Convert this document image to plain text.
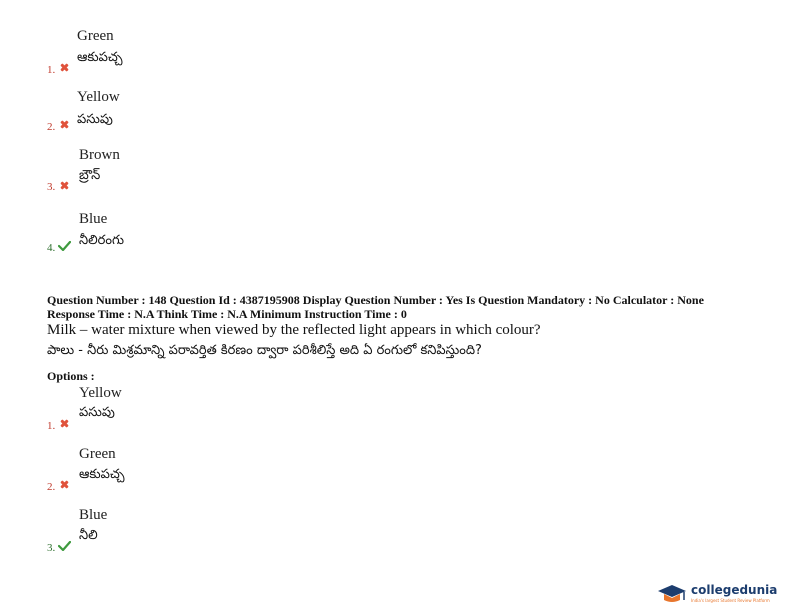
Green
ఆకుపచ్చ
1.
Yellow
పసుపు
2.
Brown
బ్రౌన్
3.
Blue
నీలిరంగు
4.
Question Number : 148 Question Id : 4387195908 Display Question Number : Yes Is Question Mandatory : No Calculator : None
Response Time : N.A Think Time : N.A Minimum Instruction Time : 0
Milk – water mixture when viewed by the reflected light appears in which colour?
పాలు - నీరు మిశ్రమాన్ని పరావర్తిత కిరణం ద్వారా పరిశీలిస్తే అది ఏ రంగులో కనిపిస్తుంది?
Options :
Yellow
పసుపు
1.
Green
ఆకుపచ్చ
2.
Blue
నీలి
3.
collegedunia
India's largest Student Review Platform
